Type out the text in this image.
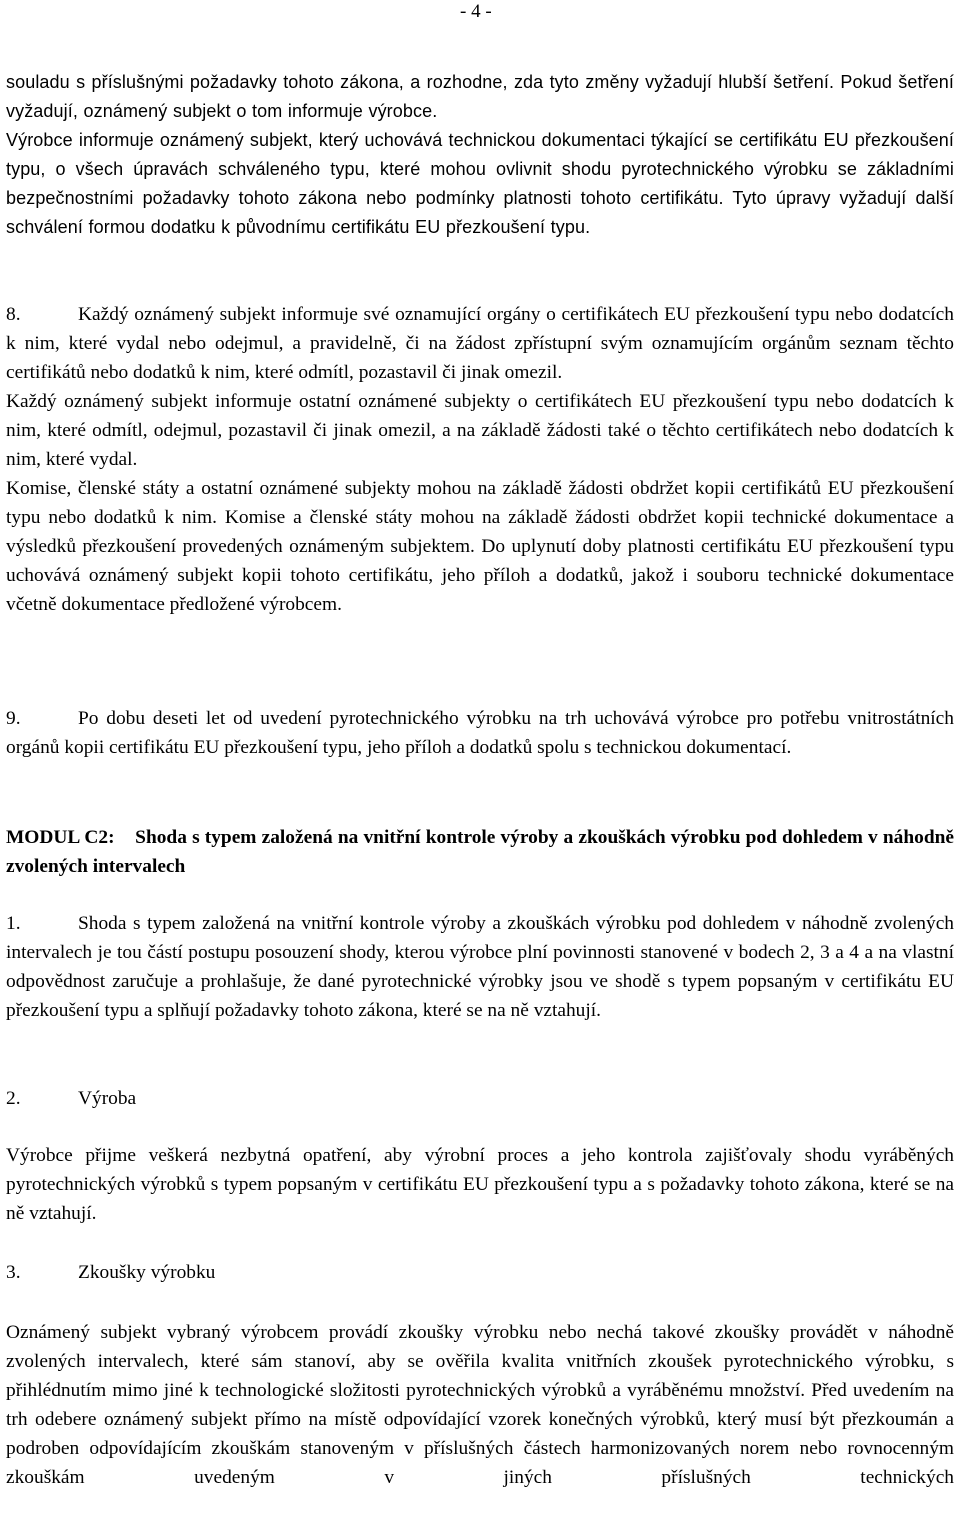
- 4 -

souladu s příslušnými požadavky tohoto zákona, a rozhodne, zda tyto změny vyžadují hlubší šetření. Pokud šetření vyžadují, oznámený subjekt o tom informuje výrobce.

Výrobce informuje oznámený subjekt, který uchovává technickou dokumentaci týkající se certifikátu EU přezkoušení typu, o všech úpravách schváleného typu, které mohou ovlivnit shodu pyrotechnického výrobku se základními bezpečnostními požadavky tohoto zákona nebo podmínky platnosti tohoto certifikátu. Tyto úpravy vyžadují další schválení formou dodatku k původnímu certifikátu EU přezkoušení typu.

8.	Každý oznámený subjekt informuje své oznamující orgány o certifikátech EU přezkoušení typu nebo dodatcích k nim, které vydal nebo odejmul, a pravidelně, či na žádost zpřístupní svým oznamujícím orgánům seznam těchto certifikátů nebo dodatků k nim, které odmítl, pozastavil či jinak omezil.

Každý oznámený subjekt informuje ostatní oznámené subjekty o certifikátech EU přezkoušení typu nebo dodatcích k nim, které odmítl, odejmul, pozastavil či jinak omezil, a na základě žádosti také o těchto certifikátech nebo dodatcích k nim, které vydal.

Komise, členské státy a ostatní oznámené subjekty mohou na základě žádosti obdržet kopii certifikátů EU přezkoušení typu nebo dodatků k nim. Komise a členské státy mohou na základě žádosti obdržet kopii technické dokumentace a výsledků přezkoušení provedených oznámeným subjektem. Do uplynutí doby platnosti certifikátu EU přezkoušení typu uchovává oznámený subjekt kopii tohoto certifikátu, jeho příloh a dodatků, jakož i souboru technické dokumentace včetně dokumentace předložené výrobcem.

9.	Po dobu deseti let od uvedení pyrotechnického výrobku na trh uchovává výrobce pro potřebu vnitrostátních orgánů kopii certifikátu EU přezkoušení typu, jeho příloh a dodatků spolu s technickou dokumentací.

MODUL C2: Shoda s typem založená na vnitřní kontrole výroby a zkouškách výrobku pod dohledem v náhodně zvolených intervalech

1.	Shoda s typem založená na vnitřní kontrole výroby a zkouškách výrobku pod dohledem v náhodně zvolených intervalech je tou částí postupu posouzení shody, kterou výrobce plní povinnosti stanovené v bodech 2, 3 a 4 a na vlastní odpovědnost zaručuje a prohlašuje, že dané pyrotechnické výrobky jsou ve shodě s typem popsaným v certifikátu EU přezkoušení typu a splňují požadavky tohoto zákona, které se na ně vztahují.

2.	Výroba

Výrobce přijme veškerá nezbytná opatření, aby výrobní proces a jeho kontrola zajišťovaly shodu vyráběných pyrotechnických výrobků s typem popsaným v certifikátu EU přezkoušení typu a s požadavky tohoto zákona, které se na ně vztahují.

3.	Zkoušky výrobku

Oznámený subjekt vybraný výrobcem provádí zkoušky výrobku nebo nechá takové zkoušky provádět v náhodně zvolených intervalech, které sám stanoví, aby se ověřila kvalita vnitřních zkoušek pyrotechnického výrobku, s přihlédnutím mimo jiné k technologické složitosti pyrotechnických výrobků a vyráběnému množství. Před uvedením na trh odebere oznámený subjekt přímo na místě odpovídající vzorek konečných výrobků, který musí být přezkoumán a podroben odpovídajícím zkouškám stanoveným v příslušných částech harmonizovaných norem nebo rovnocenným zkouškám uvedeným v jiných příslušných technických
